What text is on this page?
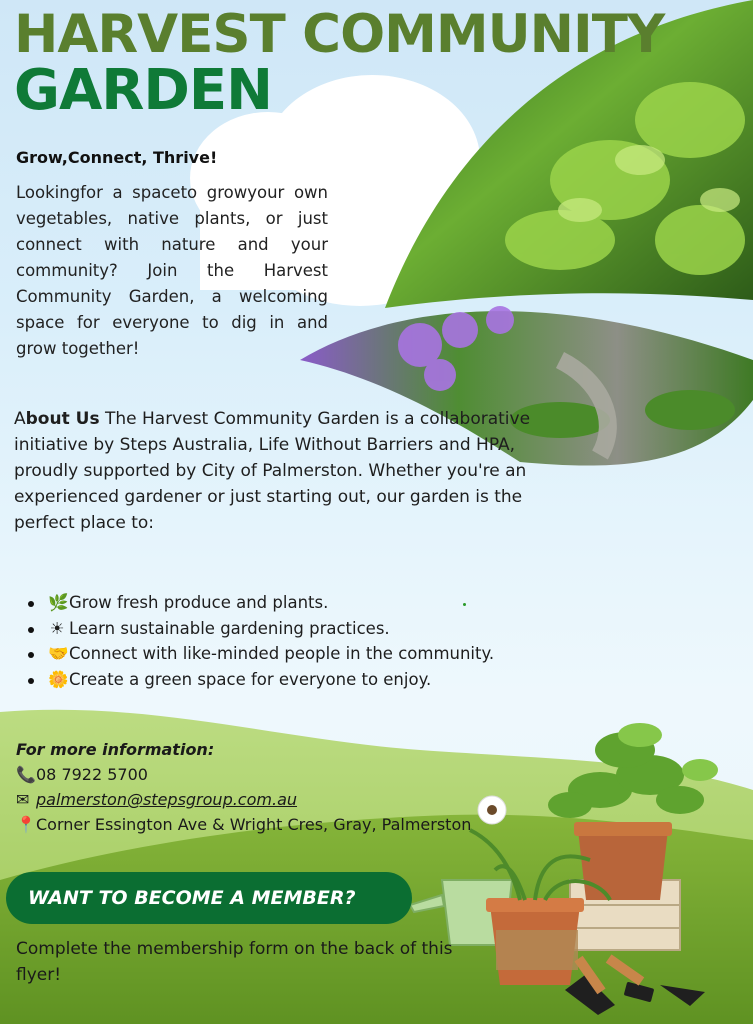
HARVEST COMMUNITY
GARDEN
Grow,Connect, Thrive!

Lookingfor a spaceto growyour own vegetables, native plants, or just connect with nature and your community? Join the Harvest Community Garden, a welcoming space for everyone to dig in and grow together!

About Us The Harvest Community Garden is a collaborative initiative by Steps Australia, Life Without Barriers and HPA, proudly supported by City of Palmerston. Whether you're an experienced gardener or just starting out, our garden is the perfect place to:

🌿Grow fresh produce and plants.
☀ Learn sustainable gardening practices.
🤝Connect with like-minded people in the community.
🌼Create a green space for everyone to enjoy.
For more information:
📞08 7922 5700
✉ palmerston@stepsgroup.com.au
📍Corner Essington Ave & Wright Cres, Gray, Palmerston
WANT TO BECOME A MEMBER?

Complete the membership form on the back of this flyer!
